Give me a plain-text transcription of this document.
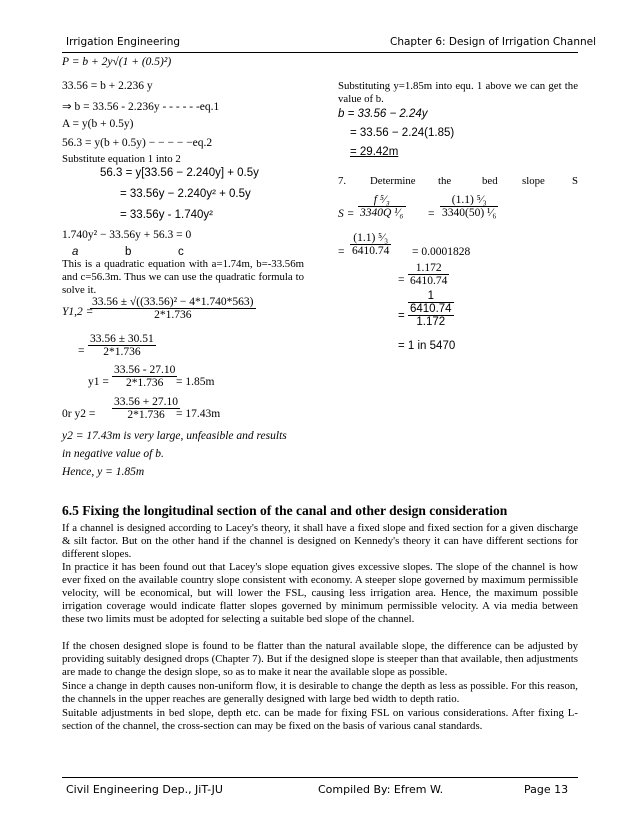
Irrigation Engineering	Chapter 6: Design of Irrigation Channel
P = b + 2y√(1 + (0.5)²)
33.56 = b + 2.236 y
⇒ b = 33.56 - 2.236y - - - - - -eq.1
A = y(b + 0.5y)
56.3 = y(b + 0.5y) − − − − −eq.2
Substitute equation 1 into 2
56.3 = y[33.56 − 2.240y] + 0.5y
= 33.56y − 2.240y² + 0.5y
= 33.56y - 1.740y²
1.740y² − 33.56y + 56.3 = 0
a	b	c
This is a quadratic equation with a=1.74m, b=-33.56m and c=56.3m. Thus we can use the quadratic formula to solve it.
Y1,2 =
$\frac{\text{33.56 ± √((33.56)² − 4*1.740*563)}}{2*1.736}$
= $\frac{33.56 \pm 30.51}{2*1.736}$
$y1 = \frac{33.56 - 27.10}{2*1.736}$
= 1.85m
0r $y2 = \frac{33.56 + 27.10}{2*1.736}$
= 17.43m
y2 = 17.43m is very large, unfeasible and results
in negative value of b.
Hence, y = 1.85m
Substituting y=1.85m into equ. 1 above we can get the value of b.
b = 33.56 − 2.24y
= 33.56 − 2.24(1.85)
= 29.42m
7. Determine the	bed slope	S
$S = \frac{\text{f ⁵⁄₃}}{\text{3340Q ¹⁄₆}} = \frac{\text{(1.1) ⁵⁄₃}}{\text{3340(50) ¹⁄₆}}$
= $\frac{\text{(1.1) ⁵⁄₃}}{6410.74} = 0.0001828$
= $\frac{1.172}{6410.74}$
=
1
6410.74
1.172
= 1 in 5470
6.5 Fixing the longitudinal section of the canal and other design consideration
If a channel is designed according to Lacey's theory, it shall have a fixed slope and fixed section for a given discharge & silt factor. But on the other hand if the channel is designed on Kennedy's theory it can have different sections for different slopes.
In practice it has been found out that Lacey's slope equation gives excessive slopes. The slope of the channel is how ever fixed on the available country slope consistent with economy. A steeper slope governed by maximum permissible velocity, will be economical, but will lower the FSL, causing less irrigation area. Hence, the maximum possible irrigation coverage would indicate flatter slopes governed by minimum permissible velocity. A via media between these two limits must be adopted for selecting a suitable bed slope of the channel.
If the chosen designed slope is found to be flatter than the natural available slope, the difference can be adjusted by providing suitably designed drops (Chapter 7). But if the designed slope is steeper than that available, then adjustments are made to change the design slope, so as to make it near the available slope as possible.
Since a change in depth causes non-uniform flow, it is desirable to change the depth as less as possible. For this reason, the channels in the upper reaches are generally designed with large bed width to depth ratio.
Suitable adjustments in bed slope, depth etc. can be made for fixing FSL on various considerations. After fixing L-section of the channel, the cross-section can may be fixed on the basis of various canal standards.
Civil Engineering Dep., JiT-JU	Compiled By: Efrem W.	Page 13
